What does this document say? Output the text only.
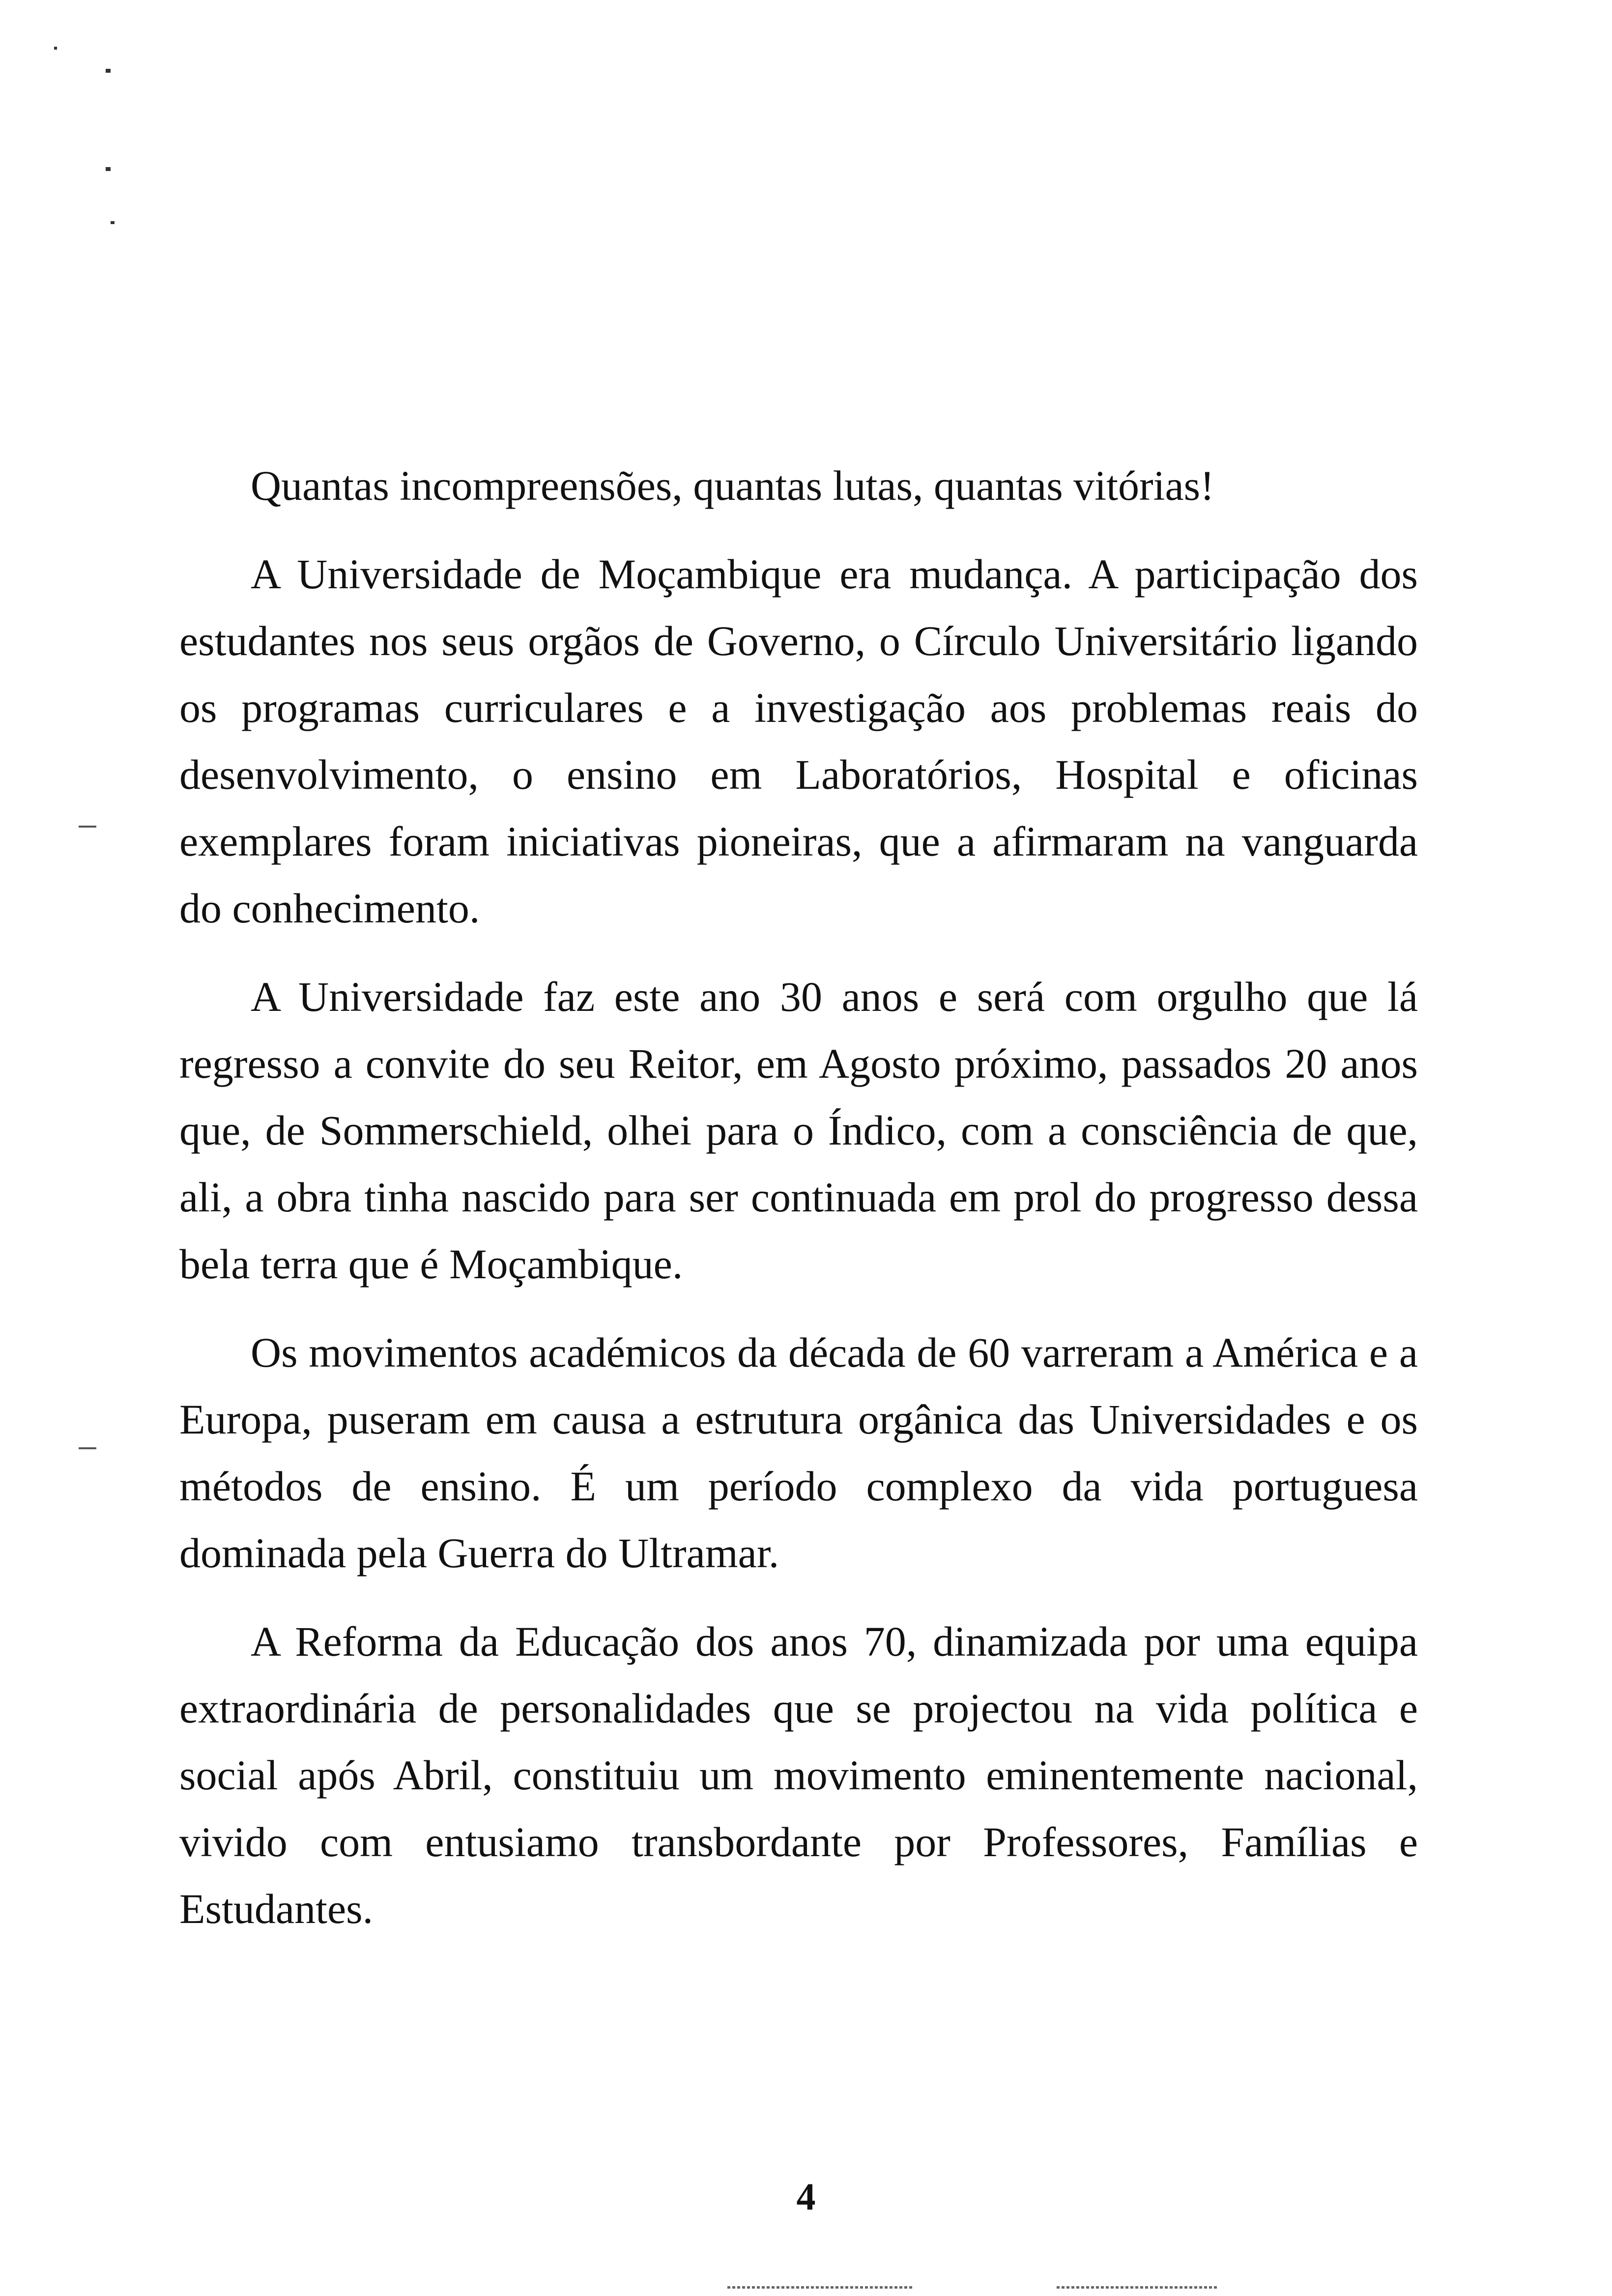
Quantas incompreensões, quantas lutas, quantas vitórias!

A Universidade de Moçambique era mudança. A participação dos estudantes nos seus orgãos de Governo, o Círculo Universitário ligando os programas curriculares e a investigação aos problemas reais do desenvolvimento, o ensino em Laboratórios, Hospital e oficinas exemplares foram iniciativas pioneiras, que a afirmaram na vanguarda do conhecimento.

A Universidade faz este ano 30 anos e será com orgulho que lá regresso a convite do seu Reitor, em Agosto próximo, passados 20 anos que, de Sommerschield, olhei para o Índico, com a consciência de que, ali, a obra tinha nascido para ser continuada em prol do progresso dessa bela terra que é Moçambique.

Os movimentos académicos da década de 60 varreram a América e a Europa, puseram em causa a estrutura orgânica das Universidades e os métodos de ensino. É um período complexo da vida portuguesa dominada pela Guerra do Ultramar.

A Reforma da Educação dos anos 70, dinamizada por uma equipa extraordinária de personalidades que se projectou na vida política e social após Abril, constituiu um movimento eminentemente nacional, vivido com entusiamo transbordante por Professores, Famílias e Estudantes.

4
